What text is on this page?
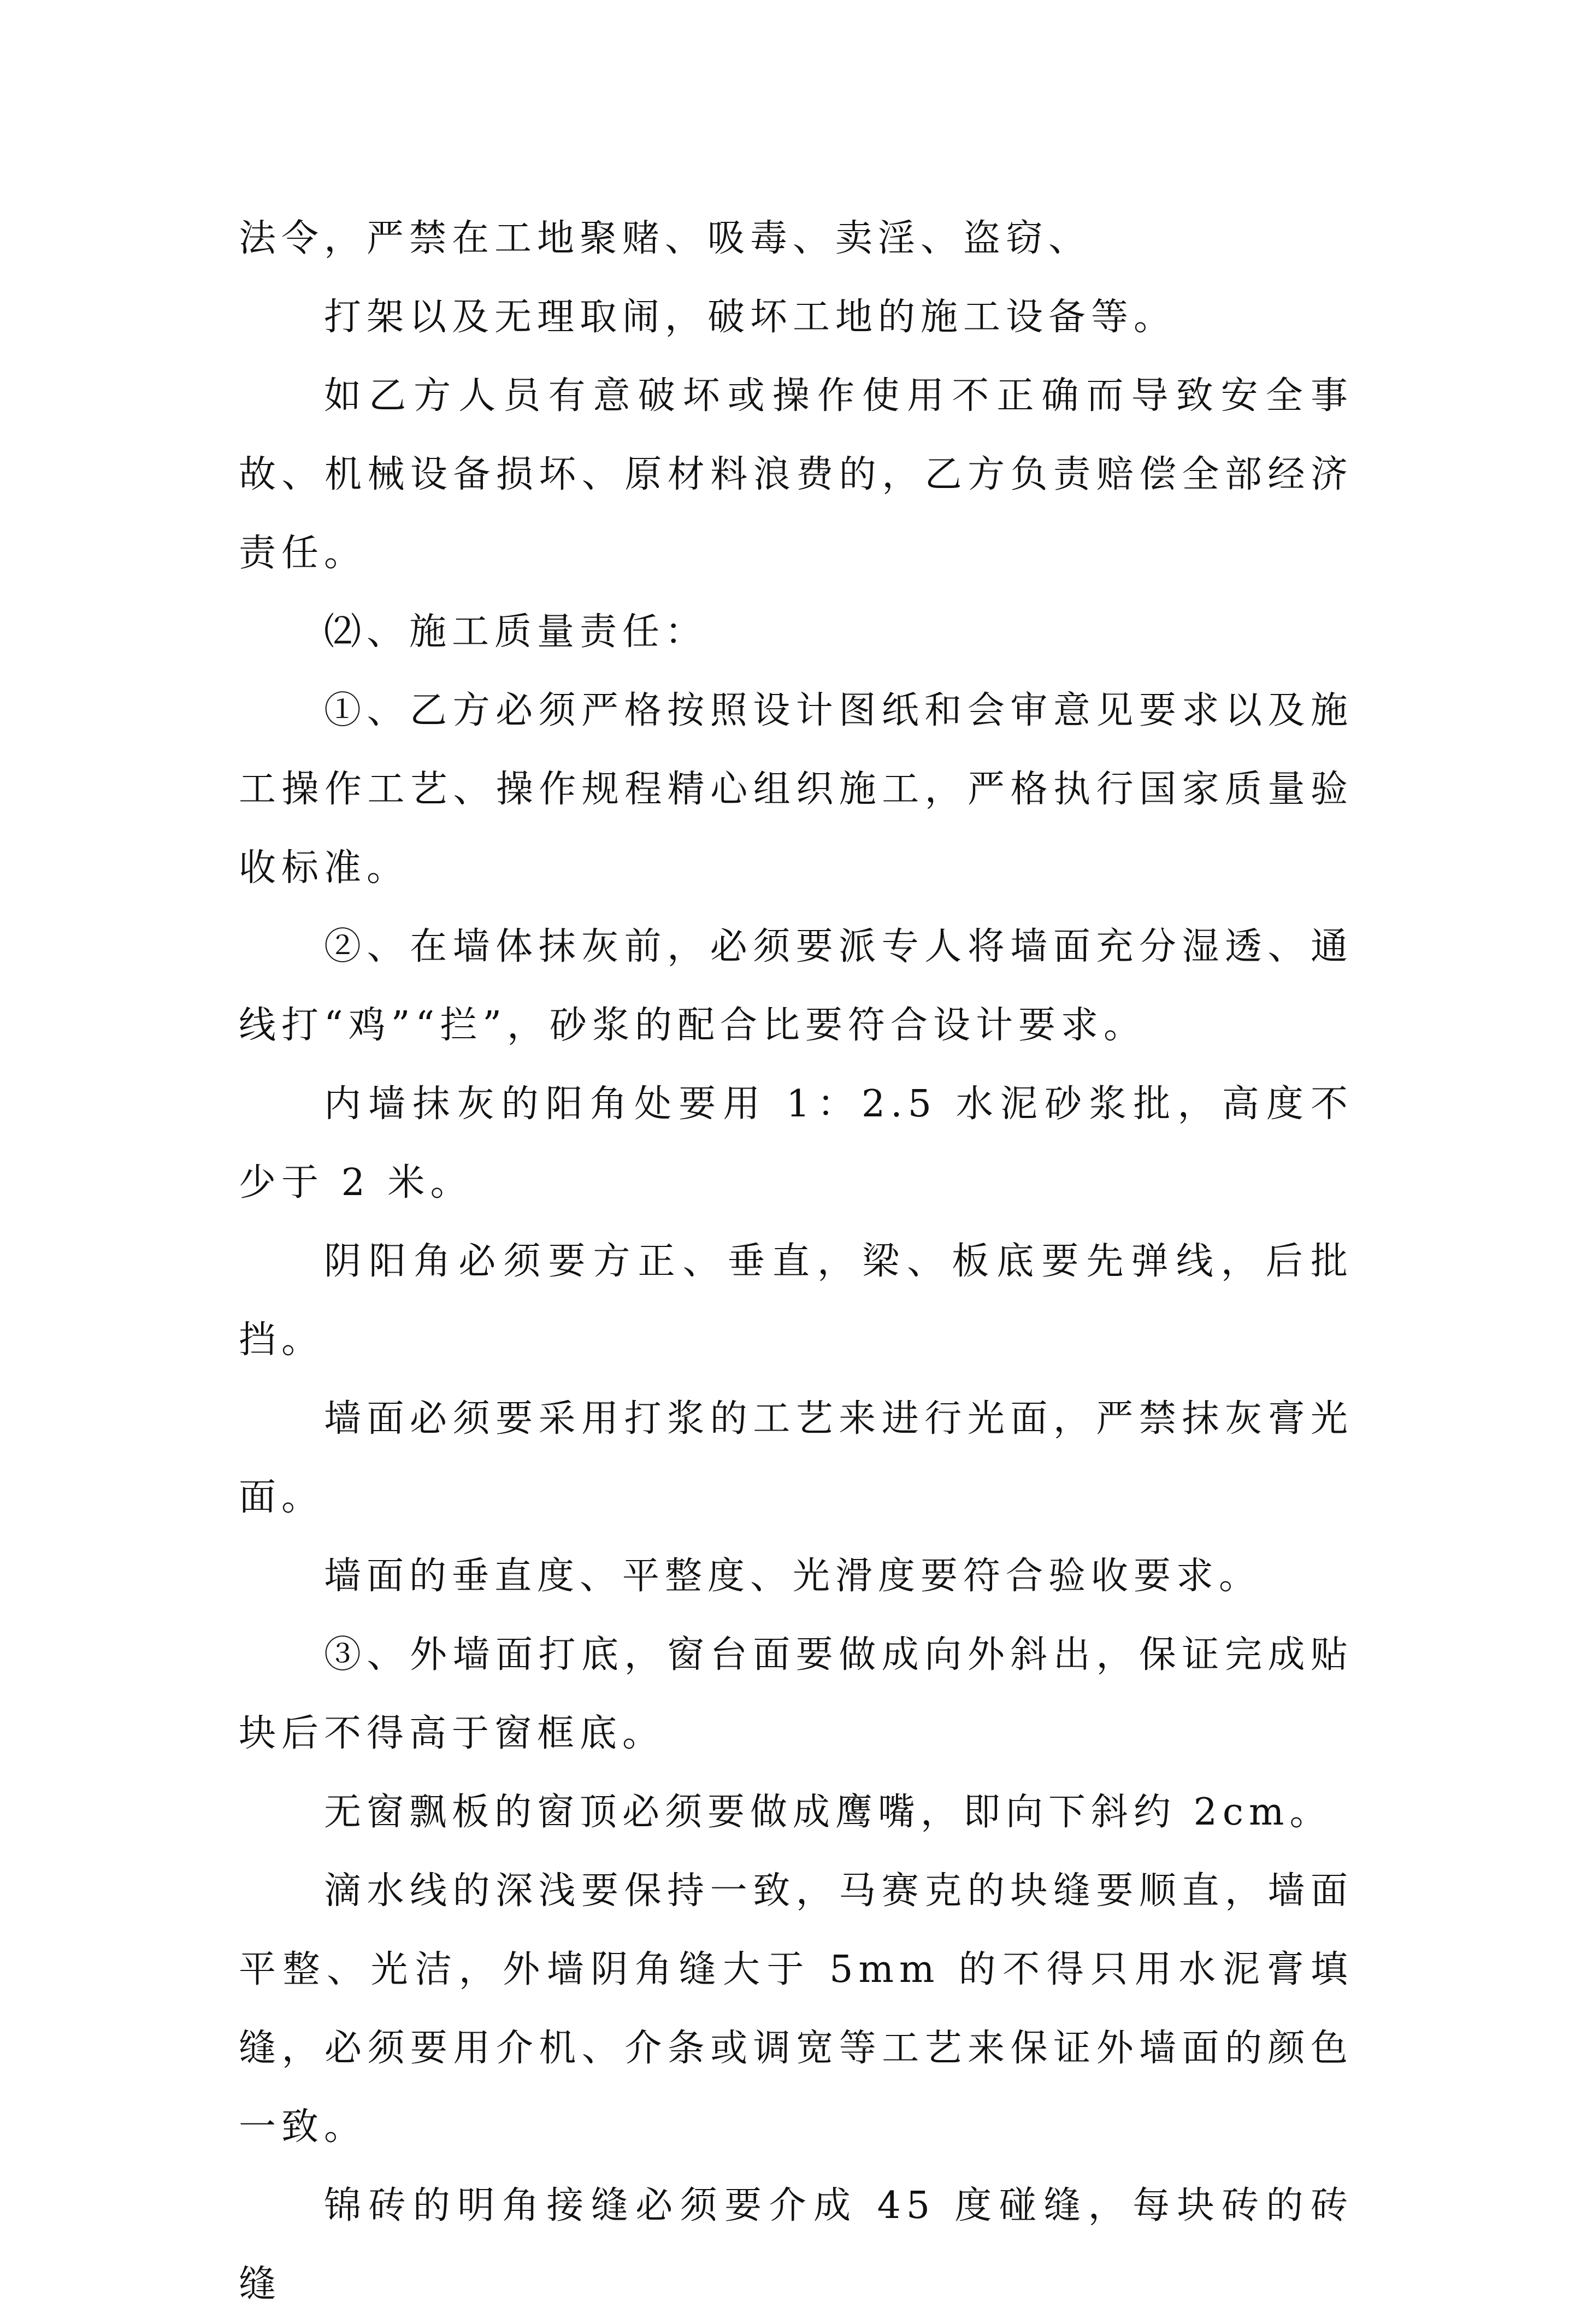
法令，严禁在工地聚赌、吸毒、卖淫、盗窃、

打架以及无理取闹，破坏工地的施工设备等。

如乙方人员有意破坏或操作使用不正确而导致安全事故、机械设备损坏、原材料浪费的，乙方负责赔偿全部经济责任。

⑵、施工质量责任：

①、乙方必须严格按照设计图纸和会审意见要求以及施工操作工艺、操作规程精心组织施工，严格执行国家质量验收标准。

②、在墙体抹灰前，必须要派专人将墙面充分湿透、通线打“鸡”“拦”，砂浆的配合比要符合设计要求。

内墙抹灰的阳角处要用 1：2.5 水泥砂浆批，高度不少于 2 米。

阴阳角必须要方正、垂直，梁、板底要先弹线，后批挡。

墙面必须要采用打浆的工艺来进行光面，严禁抹灰膏光面。

墙面的垂直度、平整度、光滑度要符合验收要求。

③、外墙面打底，窗台面要做成向外斜出，保证完成贴块后不得高于窗框底。

无窗飘板的窗顶必须要做成鹰嘴，即向下斜约 2cm。

滴水线的深浅要保持一致，马赛克的块缝要顺直，墙面平整、光洁，外墙阴角缝大于 5mm 的不得只用水泥膏填缝，必须要用介机、介条或调宽等工艺来保证外墙面的颜色一致。

锦砖的明角接缝必须要介成 45 度碰缝，每块砖的砖缝
